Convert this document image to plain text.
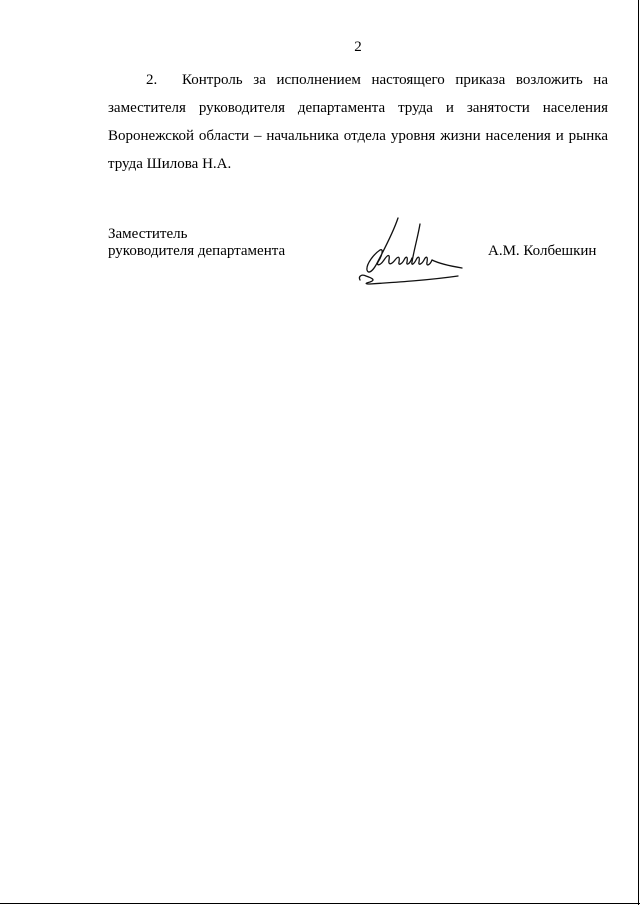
2
2. Контроль за исполнением настоящего приказа возложить на
заместителя руководителя департамента труда и занятости населения
Воронежской области – начальника отдела уровня жизни населения и рынка
труда Шилова Н.А.
Заместитель
руководителя департамента	А.М. Колбешкин
